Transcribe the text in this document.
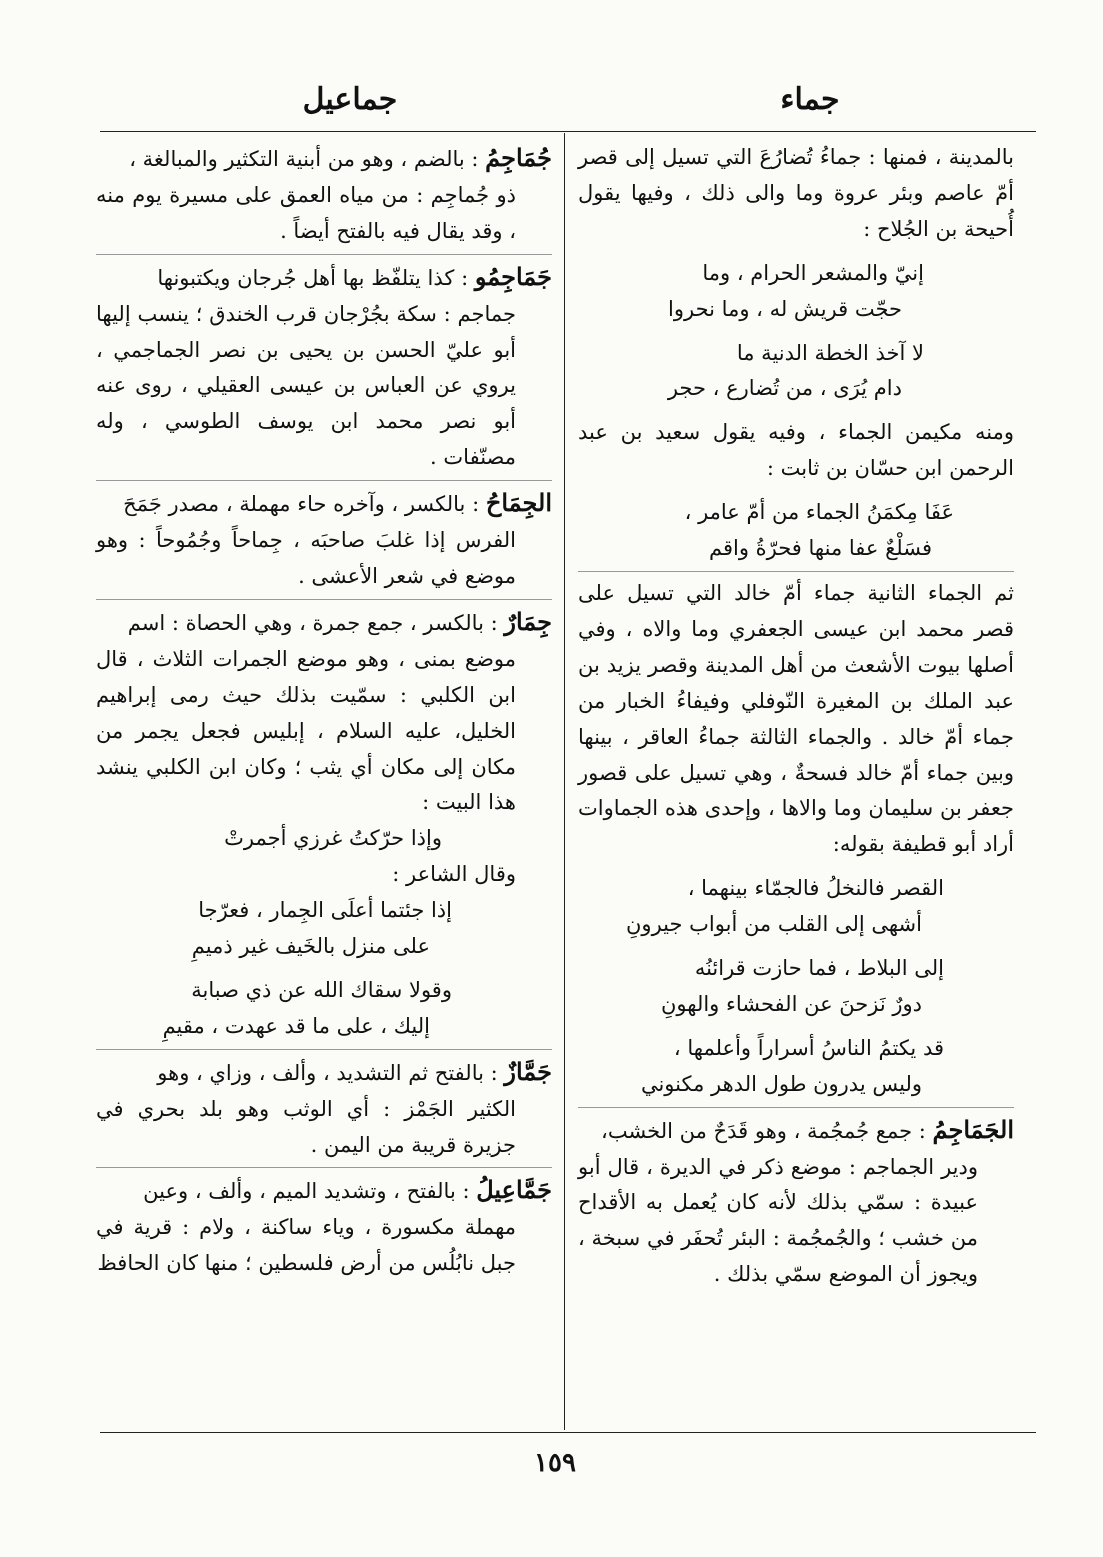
جماء
جماعيل

بالمدينة ، فمنها : جماءُ تُضارُعَ التي تسيل إلى قصر أمّ عاصم وبئر عروة وما والى ذلك ، وفيها يقول أُحيحة بن الجُلاح :

إنيّ والمشعر الحرام ، وما
حجّت قريش له ، وما نحروا
لا آخذ الخطة الدنية ما
دام يُرَى ، من تُضارع ، حجر

ومنه مكيمن الجماء ، وفيه يقول سعيد بن عبد الرحمن ابن حسّان بن ثابت :

عَفَا مِكمَنُ الجماء من أمّ عامر ،
فسَلْعٌ عفا منها فحرّةُ واقم

ثم الجماء الثانية جماء أمّ خالد التي تسيل على قصر محمد ابن عيسى الجعفري وما والاه ، وفي أصلها بيوت الأشعث من أهل المدينة وقصر يزيد بن عبد الملك بن المغيرة النّوفلي وفيفاءُ الخبار من جماء أمّ خالد . والجماء الثالثة جماءُ العاقر ، بينها وبين جماء أمّ خالد فسحةٌ ، وهي تسيل على قصور جعفر بن سليمان وما والاها ، وإحدى هذه الجماوات أراد أبو قطيفة بقوله:

القصر فالنخلُ فالجمّاء بينهما ،
أشهى إلى القلب من أبواب جيرونِ
إلى البلاط ، فما حازت قرائنُه
دورٌ نَزحنَ عن الفحشاء والهونِ
قد يكتمُ الناسُ أسراراً وأعلمها ،
وليس يدرون طول الدهر مكنوني
الجَمَاجِمُ : جمع جُمجُمة ، وهو قَدَحٌ من الخشب،
ودير الجماجم : موضع ذكر في الديرة ، قال أبو عبيدة : سمّي بذلك لأنه كان يُعمل به الأقداح من خشب ؛ والجُمجُمة : البئر تُحفَر في سبخة ، ويجوز أن الموضع سمّي بذلك .
جُمَاجِمُ : بالضم ، وهو من أبنية التكثير والمبالغة ،
ذو جُماجِم : من مياه العمق على مسيرة يوم منه ، وقد يقال فيه بالفتح أيضاً .
جَمَاجِمُو : كذا يتلفّظ بها أهل جُرجان ويكتبونها
جماجم : سكة بجُرْجان قرب الخندق ؛ ينسب إليها أبو عليّ الحسن بن يحيى بن نصر الجماجمي ، يروي عن العباس بن عيسى العقيلي ، روى عنه أبو نصر محمد ابن يوسف الطوسي ، وله مصنّفات .
الجِمَاحُ : بالكسر ، وآخره حاء مهملة ، مصدر جَمَحَ
الفرس إذا غلبَ صاحبَه ، جِماحاً وجُمُوحاً : وهو موضع في شعر الأعشى .
جِمَارٌ : بالكسر ، جمع جمرة ، وهي الحصاة : اسم
موضع بمنى ، وهو موضع الجمرات الثلاث ، قال ابن الكلبي : سمّيت بذلك حيث رمى إبراهيم الخليل، عليه السلام ، إبليس فجعل يجمر من مكان إلى مكان أي يثب ؛ وكان ابن الكلبي ينشد هذا البيت :
وإذا حرّكتُ غرزي أجمرتْ
وقال الشاعر :
إذا جئتما أعلَى الجِمار ، فعرّجا
على منزل بالخَيف غير ذميمِ
وقولا سقاك الله عن ذي صبابة
إليك ، على ما قد عهدت ، مقيمِ
جَمَّازٌ : بالفتح ثم التشديد ، وألف ، وزاي ، وهو
الكثير الجَمْز : أي الوثب وهو بلد بحري في جزيرة قريبة من اليمن .
جَمَّاعِيلُ : بالفتح ، وتشديد الميم ، وألف ، وعين
مهملة مكسورة ، وياء ساكنة ، ولام : قرية في جبل نابُلُس من أرض فلسطين ؛ منها كان الحافظ
١٥٩
